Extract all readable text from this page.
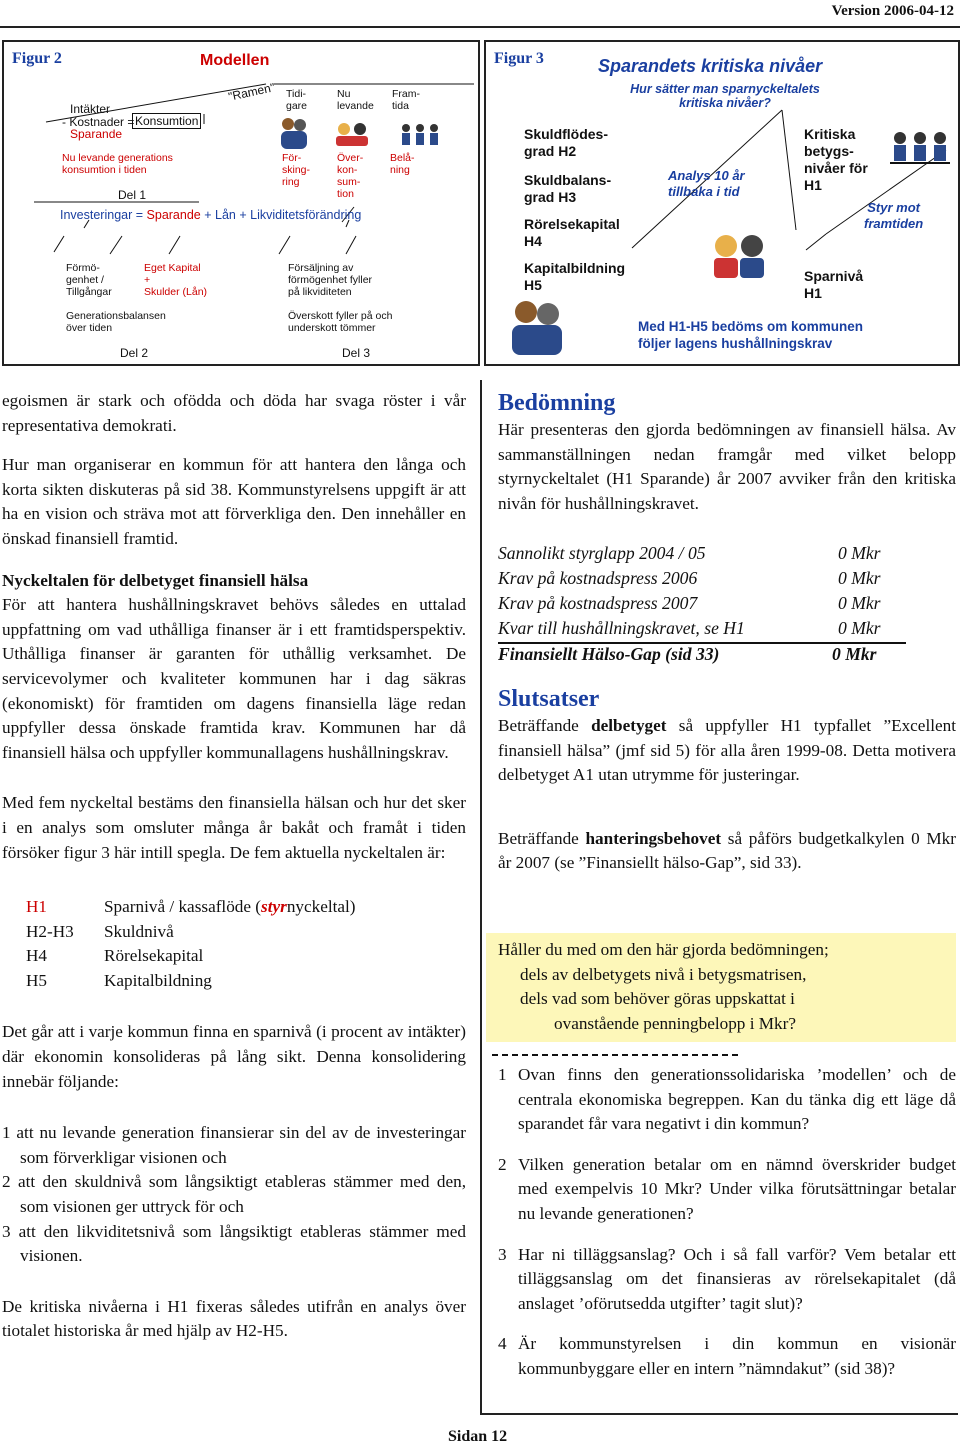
Version 2006-04-12
Figur 2	Modellen
Intäkter
- Kostnader = Konsumtion
Sparande
Nu levande generations
konsumtion i tiden
Del 1
"Ramen" Tidi-
gare
Nu
levande
Fram-
tida
För-
sking-
ring
Över-
kon-
sum-
tion
Belå-
ning
Investeringar = Sparande + Lån + Likviditetsförändring
Förmö-
genhet /
Tillgångar
Eget Kapital
+
Skulder (Lån)
Försäljning av
förmögenhet fyller
på likviditeten
Generationsbalansen
över tiden
Överskott fyller på och
underskott tömmer
Del 2	Del 3
Figur 3	Sparandets kritiska nivåer
Hur sätter man sparnyckeltalets
kritiska nivåer?
Skuldflödes-
grad H2
Skuldbalans-
grad H3
Rörelsekapital
H4
Kapitalbildning
H5
Analys 10 år
tillbaka i tid
Kritiska
betygs-
nivåer för
H1
Styr mot
framtiden
Sparnivå
H1
Med H1-H5 bedöms om kommunen
följer lagens hushållningskrav

egoismen är stark och ofödda och döda har svaga röster i vår representativa demokrati.

Hur man organiserar en kommun för att hantera den långa och korta sikten diskuteras på sid 38. Kommunstyrelsens uppgift är att ha en vision och sträva mot att förverkliga den. Den innehåller en önskad finansiell framtid.

Nyckeltalen för delbetyget finansiell hälsa

För att hantera hushållningskravet behövs således en uttalad uppfattning om vad uthålliga finanser är i ett framtidsperspektiv. Uthålliga finanser är garanten för uthållig verksamhet. De servicevolymer och kvaliteter kommunen har i dag säkras (ekonomiskt) för framtiden om dagens finansiella läge redan uppfyller dessa önskade framtida krav. Kommunen har då finansiell hälsa och uppfyller kommunallagens hushållningskrav.

Med fem nyckeltal bestäms den finansiella hälsan och hur det sker i en analys som omsluter många år bakåt och framåt i tiden försöker figur 3 här intill spegla. De fem aktuella nyckeltalen är:

H1	Sparnivå / kassaflöde (styrnyckeltal)
H2-H3	Skuldnivå
H4	Rörelsekapital
H5	Kapitalbildning

Det går att i varje kommun finna en sparnivå (i procent av intäkter) där ekonomin konsolideras på lång sikt. Denna konsolidering innebär följande:

1 att nu levande generation finansierar sin del av de investeringar som förverkligar visionen och

2 att den skuldnivå som långsiktigt etableras stämmer med den, som visionen ger uttryck för och

3 att den likviditetsnivå som långsiktigt etableras stämmer med visionen.

De kritiska nivåerna i H1 fixeras således utifrån en analys över tiotalet historiska år med hjälp av H2-H5.

Bedömning

Här presenteras den gjorda bedömningen av finansiell hälsa. Av sammanställningen nedan framgår med vilket belopp styrnyckeltalet (H1 Sparande) år 2007 avviker från den kritiska nivån för hushållningskravet.

Sannolikt styrglapp 2004 / 05	0 Mkr
Krav på kostnadspress 2006	0 Mkr
Krav på kostnadspress 2007	0 Mkr
Kvar till hushållningskravet, se H1	0 Mkr
Finansiellt Hälso-Gap (sid 33)	0 Mkr
Slutsatser

Beträffande delbetyget så uppfyller H1 typfallet ”Excellent finansiell hälsa” (jmf sid 5) för alla åren 1999-08. Detta motivera delbetyget A1 utan utrymme för justeringar.

Beträffande hanteringsbehovet så påförs budgetkalkylen 0 Mkr år 2007 (se ”Finansiellt hälso-Gap”, sid 33).

Håller du med om den här gjorda bedömningen;
dels av delbetygets nivå i betygsmatrisen,
dels vad som behöver göras uppskattat i
ovanstående penningbelopp i Mkr?
1 Ovan finns den generationssolidariska ’modellen’ och de centrala ekonomiska begreppen. Kan du tänka dig ett läge då sparandet får vara negativt i din kommun?

2 Vilken generation betalar om en nämnd överskrider budget med exempelvis 10 Mkr? Under vilka förutsättningar betalar nu levande generationen?

3 Har ni tilläggsanslag? Och i så fall varför? Vem betalar ett tilläggsanslag om det finansieras av rörelsekapitalet (då anslaget ’oförutsedda utgifter’ tagit slut)?

4 Är kommunstyrelsen i din kommun en visionär kommunbyggare eller en intern ”nämndakut” (sid 38)?

Sidan 12
